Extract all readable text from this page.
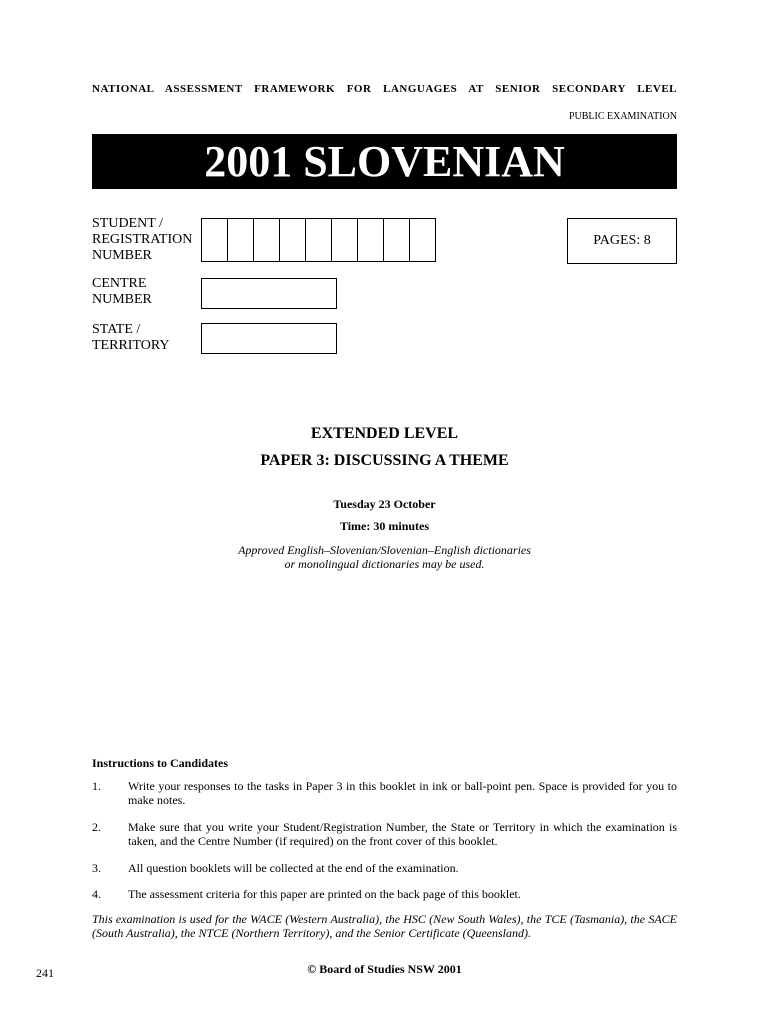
NATIONAL ASSESSMENT FRAMEWORK FOR LANGUAGES AT SENIOR SECONDARY LEVEL
PUBLIC EXAMINATION
2001 SLOVENIAN
STUDENT /
REGISTRATION
NUMBER
PAGES: 8
CENTRE
NUMBER
STATE /
TERRITORY
EXTENDED LEVEL
PAPER 3: DISCUSSING A THEME
Tuesday 23 October
Time: 30 minutes
Approved English–Slovenian/Slovenian–English dictionaries
or monolingual dictionaries may be used.
Instructions to Candidates
1. Write your responses to the tasks in Paper 3 in this booklet in ink or ball-point pen. Space is provided for you to make notes.
2. Make sure that you write your Student/Registration Number, the State or Territory in which the examination is taken, and the Centre Number (if required) on the front cover of this booklet.
3. All question booklets will be collected at the end of the examination.
4. The assessment criteria for this paper are printed on the back page of this booklet.
This examination is used for the WACE (Western Australia), the HSC (New South Wales), the TCE (Tasmania), the SACE (South Australia), the NTCE (Northern Territory), and the Senior Certificate (Queensland).
241	© Board of Studies NSW 2001
